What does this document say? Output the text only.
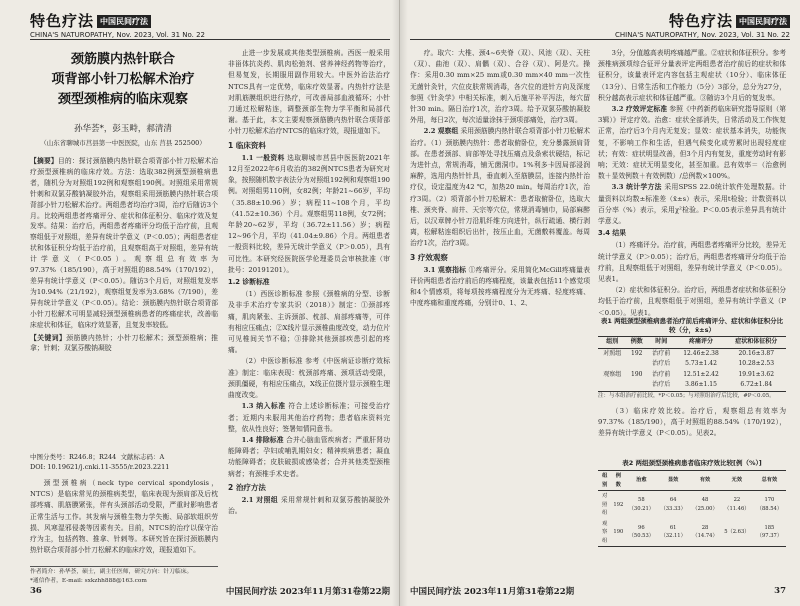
特色疗法 中国民间疗法
CHINA'S NATUROPATHY, Nov. 2023, Vol. 31 No. 22
颈筋膜内热针联合
项背部小针刀松解术治疗
颈型颈椎病的临床观察
孙华荟*，彭玉畤，郝清清
（山东省聊城市莒县第一中医医院，山东 莒县 252500）
【摘要】目的：探讨颈筋膜内热针联合项背部小针刀松解术治疗颈型颈椎病的临床疗效。方法：选取382例颈型颈椎病患者，随机分为对照组192例和观察组190例。对照组采用常规针刺和双氯芬酸钠凝胶外治，观察组采用颈筋膜内热针联合项背部小针刀松解术治疗。两组患者均治疗3周，治疗后随访3个月。比较两组患者疼痛评分、症状和体征积分、临床疗效及复发率。结果：治疗后，两组患者疼痛评分均低于治疗前，且观察组低于对照组，差异有统计学意义（P＜0.05）；两组患者症状和体征积分均低于治疗前，且观察组高于对照组，差异有统计学意义（P＜0.05）。观察组总有效率为97.37%（185/190），高于对照组的88.54%（170/192），差异有统计学意义（P＜0.05）。随访3个月后，对照组复发率为10.94%（21/192），观察组复发率为3.68%（7/190），差异有统计学意义（P＜0.05）。结论：颈筋膜内热针联合项背部小针刀松解术可明显减轻颈型颈椎病患者的疼痛症状，改善临床症状和体征，临床疗效显著，且复发率较低。
【关键词】颈筋膜内热针；小针刀松解术；颈型颈椎病；推拿；针刺；双氯芬酸钠凝胶
中图分类号：R246.8；R244 文献标志码：A
DOI: 10.19621/j.cnki.11-3555/r.2023.2211

颈型颈椎病（neck type cervical spondylosis，NTCS）是临床常见的颈椎病类型，临床表现为颈肩部及后枕部疼痛、肌筋膜紧张，伴有头颈部活动受限，严重时影响患者正常生活与工作。其发病与颈椎生物力学失衡、局部软组织劳损、风寒湿邪侵袭等因素有关。目前，NTCS的治疗以保守治疗为主，包括药物、推拿、针刺等。本研究旨在探讨颈筋膜内热针联合项背部小针刀松解术的临床疗效，现报道如下。

作者简介：孙华荟，硕士，副主任医师，研究方向：针刀临床。
*通信作者，E-mail: sxkzhh888@163.com

止进一步发展或其他类型颈椎病。西医一般采用非甾体抗炎药、肌肉松弛剂、营养神经药物等治疗，但易复发，长期服用副作用较大。中医外治法治疗NTCS具有一定优势，临床疗效显著。内热针疗法是对肌筋膜组织进行热疗，可改善局部血液循环；小针刀通过松解粘连，调整颈部生物力学平衡和局部代谢。基于此，本文主要观察颈筋膜内热针联合项背部小针刀松解术治疗NTCS的临床疗效，现报道如下。

1 临床资料

1.1 一般资料 选取聊城市莒县中医医院2021年12月至2022年6月收治的382例NTCS患者为研究对象，按照随机数字表法分为对照组192例和观察组190例。对照组男110例，女82例；年龄21~66岁，平均（35.88±10.96）岁；病程11~108个月，平均（41.52±10.36）个月。观察组男118例，女72例；年龄20~62岁，平均（36.72±11.56）岁；病程12~96个月，平均（41.04±9.86）个月。两组患者一般资料比较，差异无统计学意义（P＞0.05），具有可比性。本研究经医院医学伦理委员会审核批准（审批号：20191201）。

1.2 诊断标准

（1）西医诊断标准 参照《颈椎病的分型、诊断及非手术治疗专家共识（2018）》制定：①颈部疼痛，肌肉紧张、主诉颈部、枕部、肩部疼痛等，可伴有相应压痛点；②X线片显示颈椎曲度改变，动力位片可见椎间关节不稳；③排除其他颈部疾患引起的疼痛。

（2）中医诊断标准 参考《中医病证诊断疗效标准》制定：临床表现：枕颈部疼痛、颈项活动受限，颈肌僵硬，有相应压痛点，X线正位摄片显示颈椎生理曲度改变。

1.3 纳入标准 符合上述诊断标准；可接受治疗者；近期内未服用其他治疗药物；患者临床资料完整，依从性良好；签署知情同意书。

1.4 排除标准 合并心脑血管疾病者；严重肝肾功能障碍者；孕妇或哺乳期妇女；精神疾病患者；凝血功能障碍者；皮肤破损或感染者；合并其他类型颈椎病者；有颈椎手术史者。

2 治疗方法

2.1 对照组 采用常规针刺和双氯芬酸钠凝胶外治。

36	中国民间疗法 2023年11月第31卷第22期
特色疗法 中国民间疗法
CHINA'S NATUROPATHY, Nov. 2023, Vol. 31 No. 22

疗。取穴：大椎、颈4~6夹脊（双）、风池（双）、天柱（双）、曲池（双）、肩髃（双）、合谷（双）、阿是穴。操作：采用0.30 mm×25 mm或0.30 mm×40 mm一次性无菌针灸针，穴位皮肤常规消毒，各穴位的进针方向及深度参照《针灸学》中相关标准，刺入后施平补平泻法，每穴留针30 min。隔日治疗1次，治疗3周。给予双氯芬酸钠凝胶外用，每日2次，每次适量涂抹于颈项部痛处，治疗3周。

2.2 观察组 采用颈筋膜内热针联合项背部小针刀松解术治疗。（1）颈筋膜内热针：患者取俯卧位，充分暴露颈肩背部。在患者颈部、肩部等处寻找压痛点及条索状硬结，标记为进针点，常规消毒，铺无菌洞巾。1%利多卡因局部浸润麻醉，选用内热针针具，垂直刺入至筋膜层，连接内热针治疗仪，设定温度为42 ℃，加热20 min。每周治疗1次，治疗3周。（2）项背部小针刀松解术：患者取俯卧位，选取大椎、颈夹脊、肩井、天宗等穴位，常规消毒铺巾，局部麻醉后，以汉章牌小针刀沿肌纤维方向进针，纵行疏通、横行剥离，松解粘连组织后出针，按压止血，无菌敷料覆盖。每周治疗1次，治疗3周。

3 疗效观察

3.1 观察指标 ①疼痛评分。采用简化McGill疼痛量表评价两组患者治疗前后的疼痛程度，该量表包括11个感觉项和4个情感项，将每项按疼痛程度分为无疼痛、轻度疼痛、中度疼痛和重度疼痛，分别计0、1、2、

3分，分值越高表明疼痛越严重。②症状和体征积分。参考颈椎病颈项综合征评分量表评定两组患者治疗前后的症状和体征积分，该量表评定内容包括主观症状（10分）、临床体征（13分）、日常生活和工作能力（5分）3部分，总分为27分，积分越高表示症状和体征越严重。③随访3个月后的复发率。

3.2 疗效评定标准 参照《中药新药临床研究指导原则（第3辑）》评定疗效。治愈：症状全部消失，日常活动及工作恢复正常，治疗后3个月内无复发；显效：症状基本消失，功能恢复，不影响工作和生活，但遇气候变化或劳累时出现轻度症状；有效：症状明显改善，但3个月内有复发，重度劳动时有影响；无效：症状无明显变化，甚至加重。总有效率＝（治愈例数＋显效例数＋有效例数）/总例数×100%。

3.3 统计学方法 采用SPSS 22.0统计软件处理数据。计量资料以均数±标准差（x̄±s）表示，采用t检验；计数资料以百分率（%）表示，采用χ²检验。P＜0.05表示差异具有统计学意义。

3.4 结果

（1）疼痛评分。治疗前，两组患者疼痛评分比较，差异无统计学意义（P＞0.05）；治疗后，两组患者疼痛评分均低于治疗前，且观察组低于对照组，差异有统计学意义（P＜0.05）。见表1。

（2）症状和体征积分。治疗后，两组患者症状和体征积分均低于治疗前，且观察组低于对照组，差异有统计学意义（P＜0.05）。见表1。

表1 两组颈型颈椎病患者治疗前后疼痛评分、症状和体征积分比较（分，x̄±s）
组别	例数	时间	疼痛评分	症状和体征积分
对照组	192	治疗前	12.46±2.38	20.16±3.87
		治疗后	5.73±1.42	10.28±2.53
观察组	190	治疗前	12.51±2.42	19.91±3.62
		治疗后	3.86±1.15	6.72±1.84
注：与本组治疗前比较，*P＜0.05；与对照组治疗后比较，#P＜0.05。

（3）临床疗效比较。治疗后，观察组总有效率为97.37%（185/190），高于对照组的88.54%（170/192），差异有统计学意义（P＜0.05）。见表2。

表2 两组颈型颈椎病患者临床疗效比较[例（%）]
组别	例数	治愈	显效	有效	无效	总有效
对照组	192	58（30.21）	64（33.33）	48（25.00）	22（11.46）	170（88.54）
观察组	190	96（50.53）	61（32.11）	28（14.74）	5（2.63）	185（97.37）
中国民间疗法 2023年11月第31卷第22期	37
